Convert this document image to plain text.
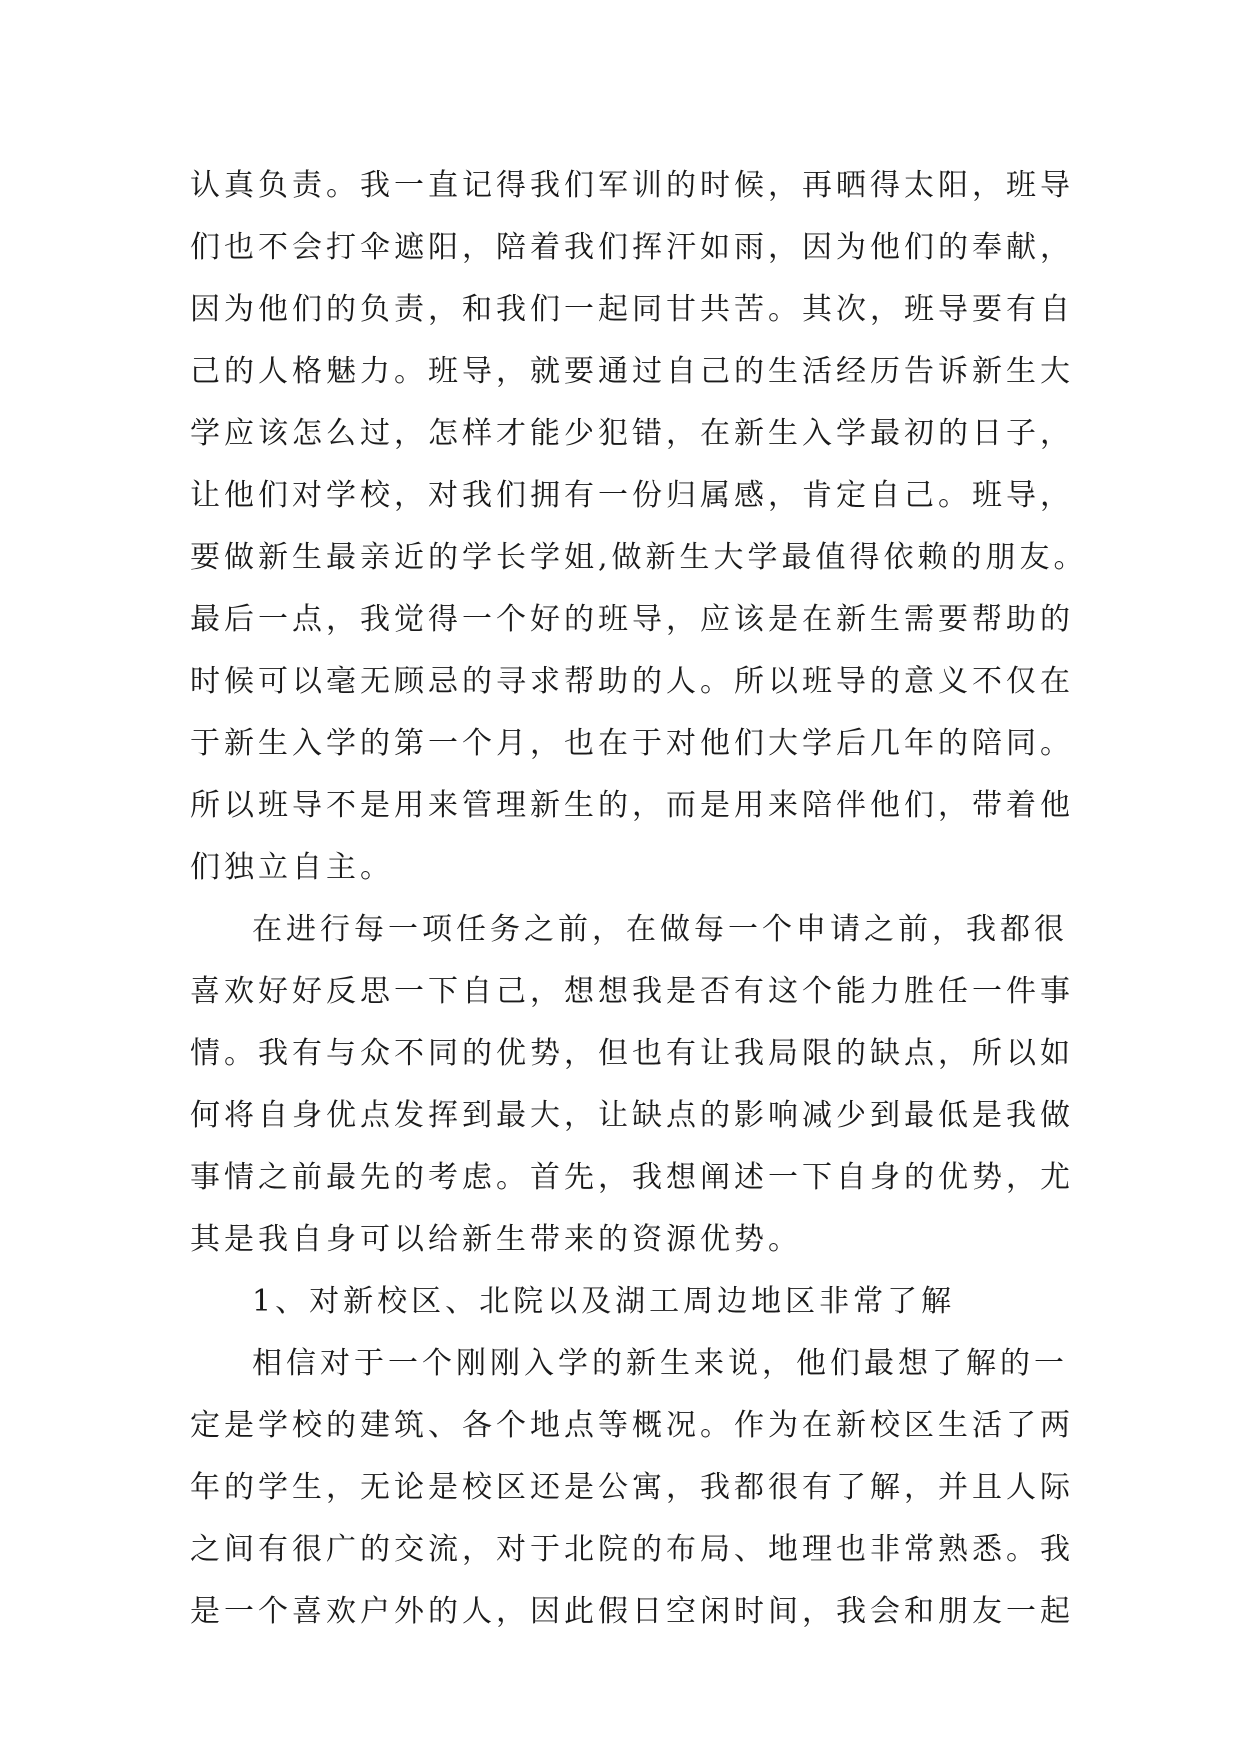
认真负责。我一直记得我们军训的时候，再晒得太阳，班导
们也不会打伞遮阳，陪着我们挥汗如雨，因为他们的奉献，
因为他们的负责，和我们一起同甘共苦。其次，班导要有自
己的人格魅力。班导，就要通过自己的生活经历告诉新生大
学应该怎么过，怎样才能少犯错，在新生入学最初的日子，
让他们对学校，对我们拥有一份归属感，肯定自己。班导，
要做新生最亲近的学长学姐,做新生大学最值得依赖的朋友。
最后一点，我觉得一个好的班导，应该是在新生需要帮助的
时候可以毫无顾忌的寻求帮助的人。所以班导的意义不仅在
于新生入学的第一个月，也在于对他们大学后几年的陪同。
所以班导不是用来管理新生的，而是用来陪伴他们，带着他
们独立自主。
在进行每一项任务之前，在做每一个申请之前，我都很
喜欢好好反思一下自己，想想我是否有这个能力胜任一件事
情。我有与众不同的优势，但也有让我局限的缺点，所以如
何将自身优点发挥到最大，让缺点的影响减少到最低是我做
事情之前最先的考虑。首先，我想阐述一下自身的优势，尤
其是我自身可以给新生带来的资源优势。
1、对新校区、北院以及湖工周边地区非常了解
相信对于一个刚刚入学的新生来说，他们最想了解的一
定是学校的建筑、各个地点等概况。作为在新校区生活了两
年的学生，无论是校区还是公寓，我都很有了解，并且人际
之间有很广的交流，对于北院的布局、地理也非常熟悉。我
是一个喜欢户外的人，因此假日空闲时间，我会和朋友一起
